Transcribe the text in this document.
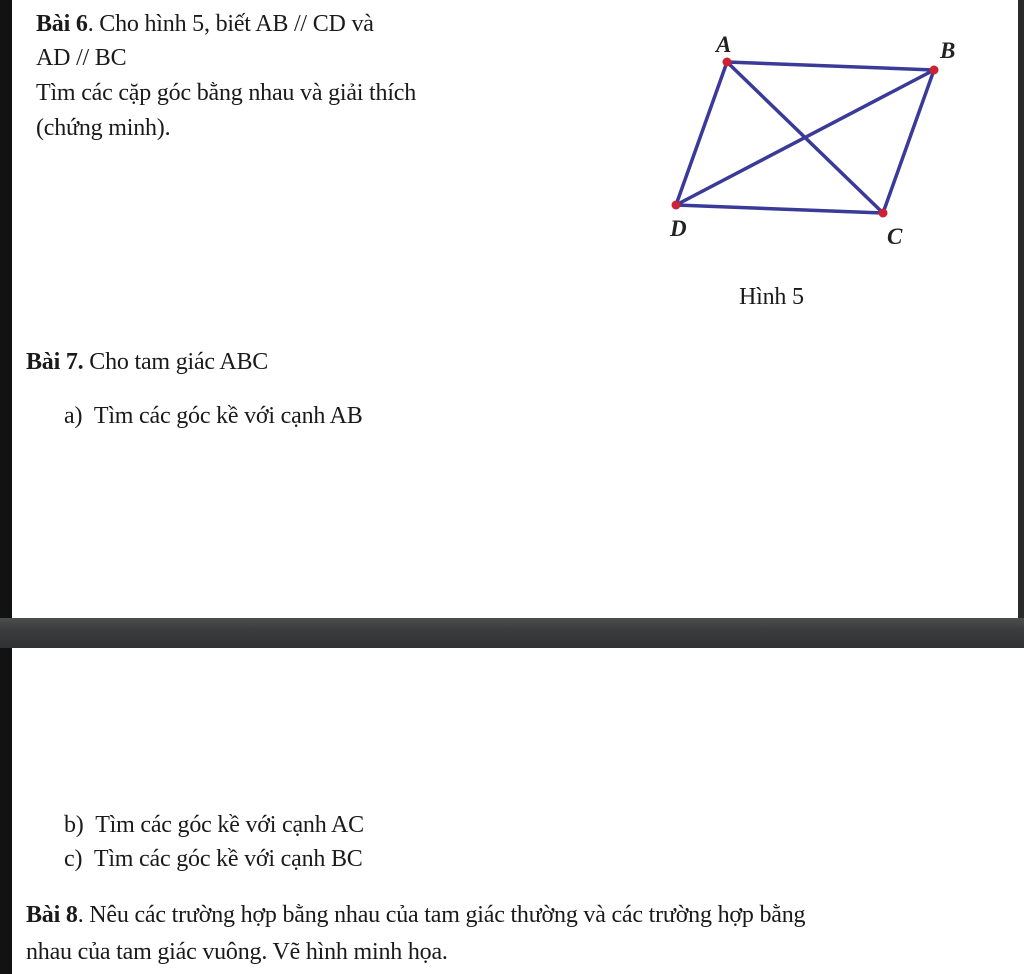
Bài 6. Cho hình 5, biết AB // CD và
AD // BC
Tìm các cặp góc bằng nhau và giải thích
(chứng minh).
A	B
C
D
Hình 5
Bài 7. Cho tam giác ABC
a) Tìm các góc kề với cạnh AB
b) Tìm các góc kề với cạnh AC
c) Tìm các góc kề với cạnh BC
Bài 8. Nêu các trường hợp bằng nhau của tam giác thường và các trường hợp bằng
nhau của tam giác vuông. Vẽ hình minh họa.
